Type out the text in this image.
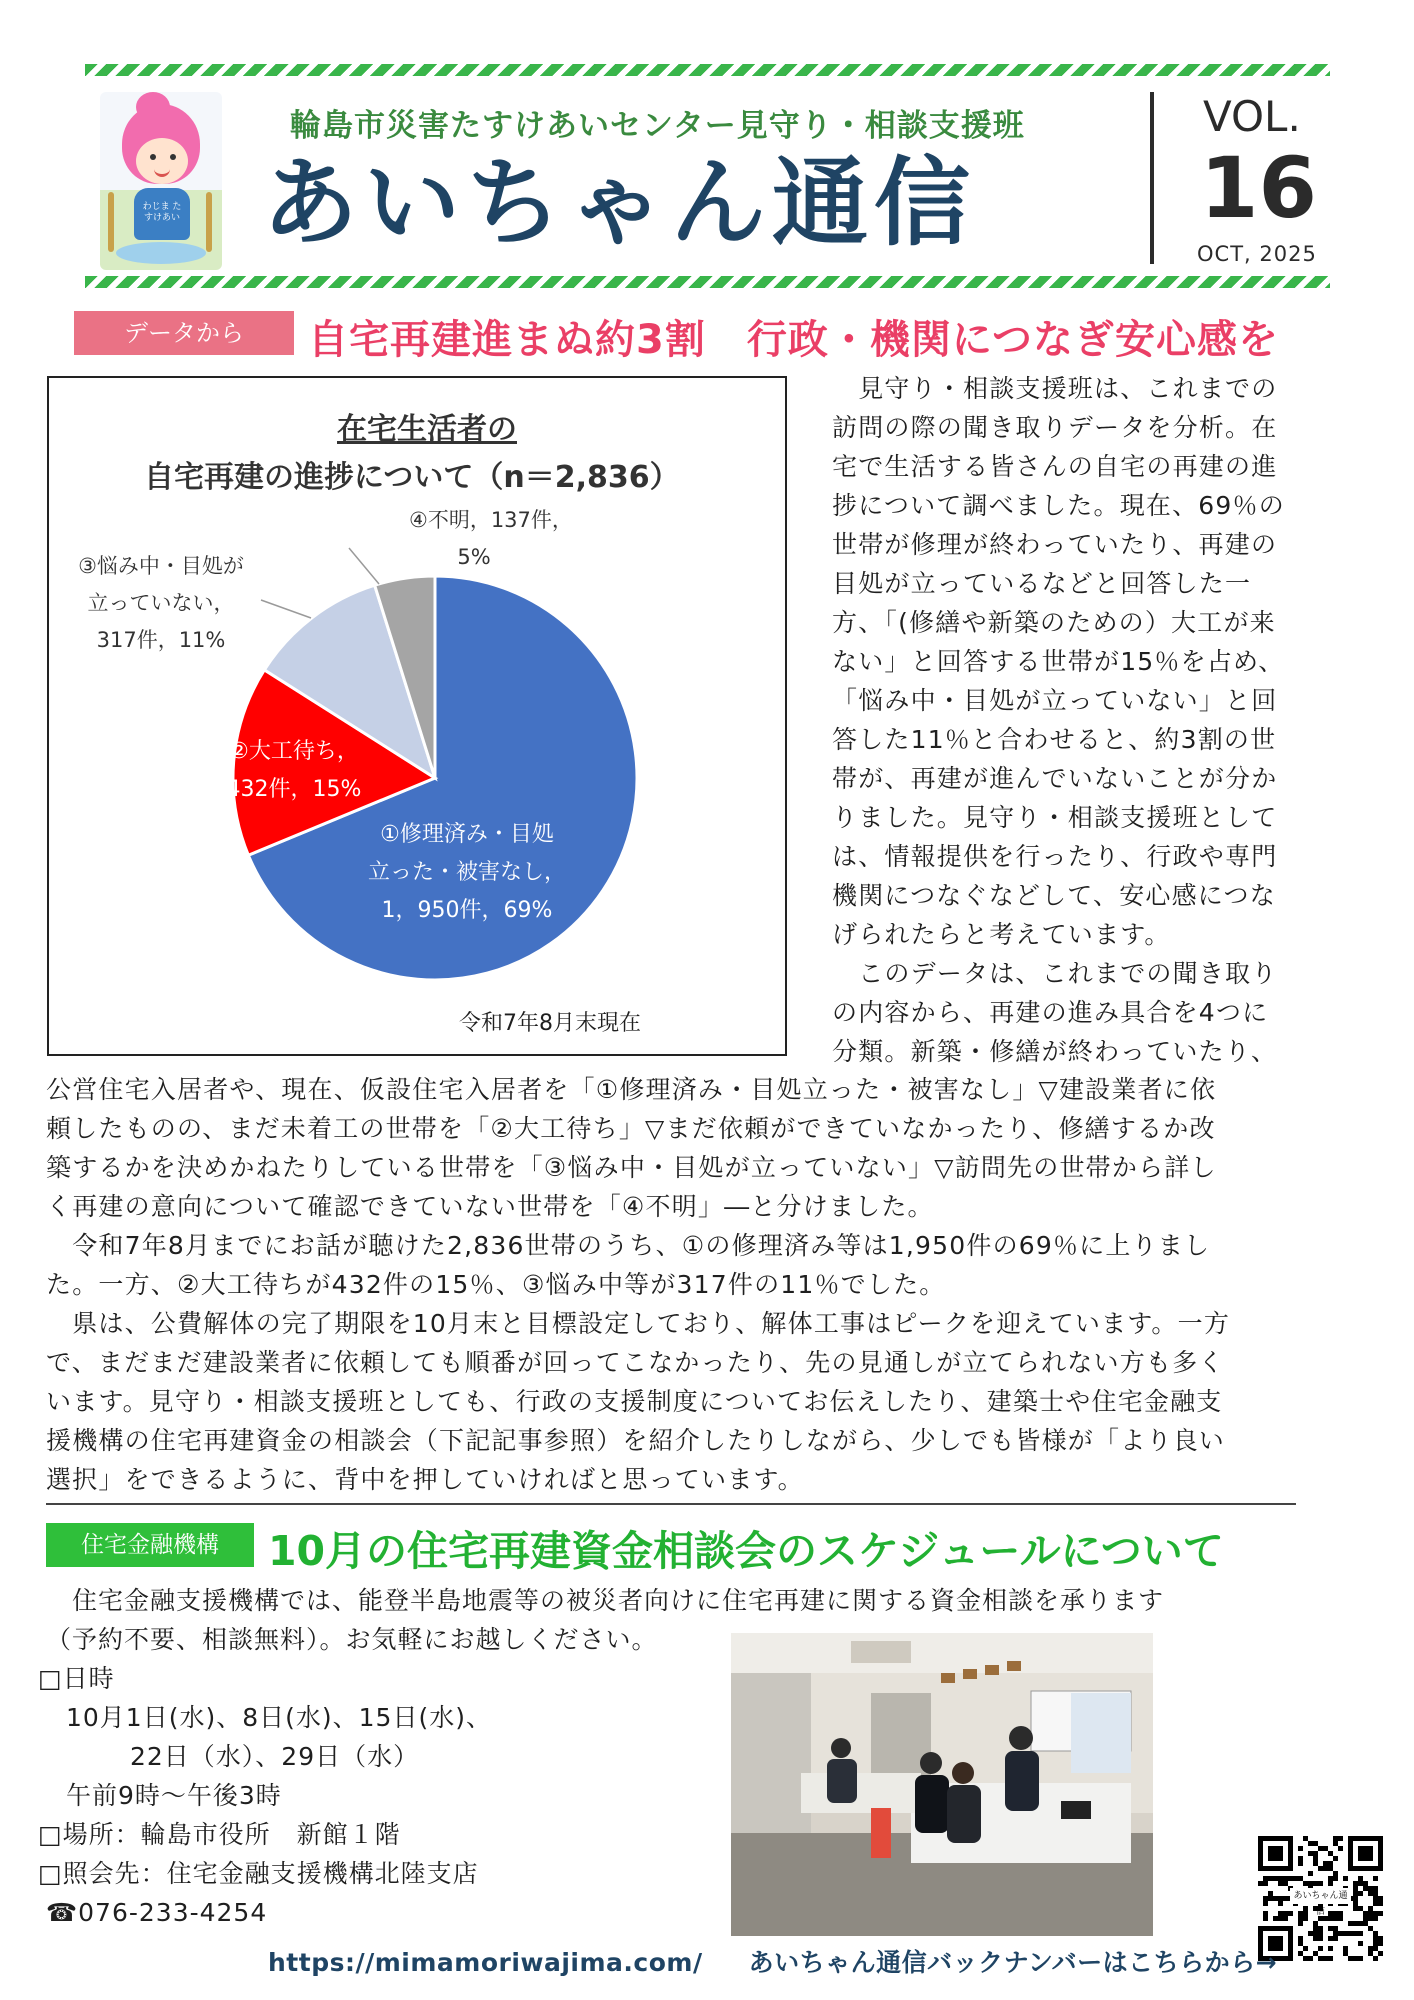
わじま たすけあい
輪島市災害たすけあいセンター見守り・相談支援班
あいちゃん通信
VOL.
16
OCT, 2025
データから	自宅再建進まぬ約3割　行政・機関につなぎ安心感を
在宅生活者の
自宅再建の進捗について（n＝2,836）
④不明，137件，
5%
③悩み中・目処が
立っていない，
317件，11%
②大工待ち，
432件，15%
①修理済み・目処
立った・被害なし，
1，950件，69%
令和7年8月末現在
　見守り・相談支援班は、これまでの
訪問の際の聞き取りデータを分析。在
宅で生活する皆さんの自宅の再建の進
捗について調べました。現在、69％の
世帯が修理が終わっていたり、再建の
目処が立っているなどと回答した一
方、「(修繕や新築のための）大工が来
ない」と回答する世帯が15％を占め、
「悩み中・目処が立っていない」と回
答した11％と合わせると、約3割の世
帯が、再建が進んでいないことが分か
りました。見守り・相談支援班として
は、情報提供を行ったり、行政や専門
機関につなぐなどして、安心感につな
げられたらと考えています。
　このデータは、これまでの聞き取り
の内容から、再建の進み具合を4つに
分類。新築・修繕が終わっていたり、
公営住宅入居者や、現在、仮設住宅入居者を「①修理済み・目処立った・被害なし」▽建設業者に依
頼したものの、まだ未着工の世帯を「②大工待ち」▽まだ依頼ができていなかったり、修繕するか改
築するかを決めかねたりしている世帯を「③悩み中・目処が立っていない」▽訪問先の世帯から詳し
く再建の意向について確認できていない世帯を「④不明」―と分けました。
　令和7年8月までにお話が聴けた2,836世帯のうち、①の修理済み等は1,950件の69％に上りまし
た。一方、②大工待ちが432件の15％、③悩み中等が317件の11％でした。
　県は、公費解体の完了期限を10月末と目標設定しており、解体工事はピークを迎えています。一方
で、まだまだ建設業者に依頼しても順番が回ってこなかったり、先の見通しが立てられない方も多く
います。見守り・相談支援班としても、行政の支援制度についてお伝えしたり、建築士や住宅金融支
援機構の住宅再建資金の相談会（下記記事参照）を紹介したりしながら、少しでも皆様が「より良い
選択」をできるように、背中を押していければと思っています。
住宅金融機構	10月の住宅再建資金相談会のスケジュールについて
　住宅金融支援機構では、能登半島地震等の被災者向けに住宅再建に関する資金相談を承ります
（予約不要、相談無料）。お気軽にお越しください。
□日時
10月1日(水)、8日(水)、15日(水)、
22日（水）、29日（水）
午前9時～午後3時
□場所：輪島市役所　新館１階
□照会先：住宅金融支援機構北陸支店
☎076-233-4254
あいちゃん通信
https://mimamoriwajima.com/ あいちゃん通信バックナンバーはこちらから→
